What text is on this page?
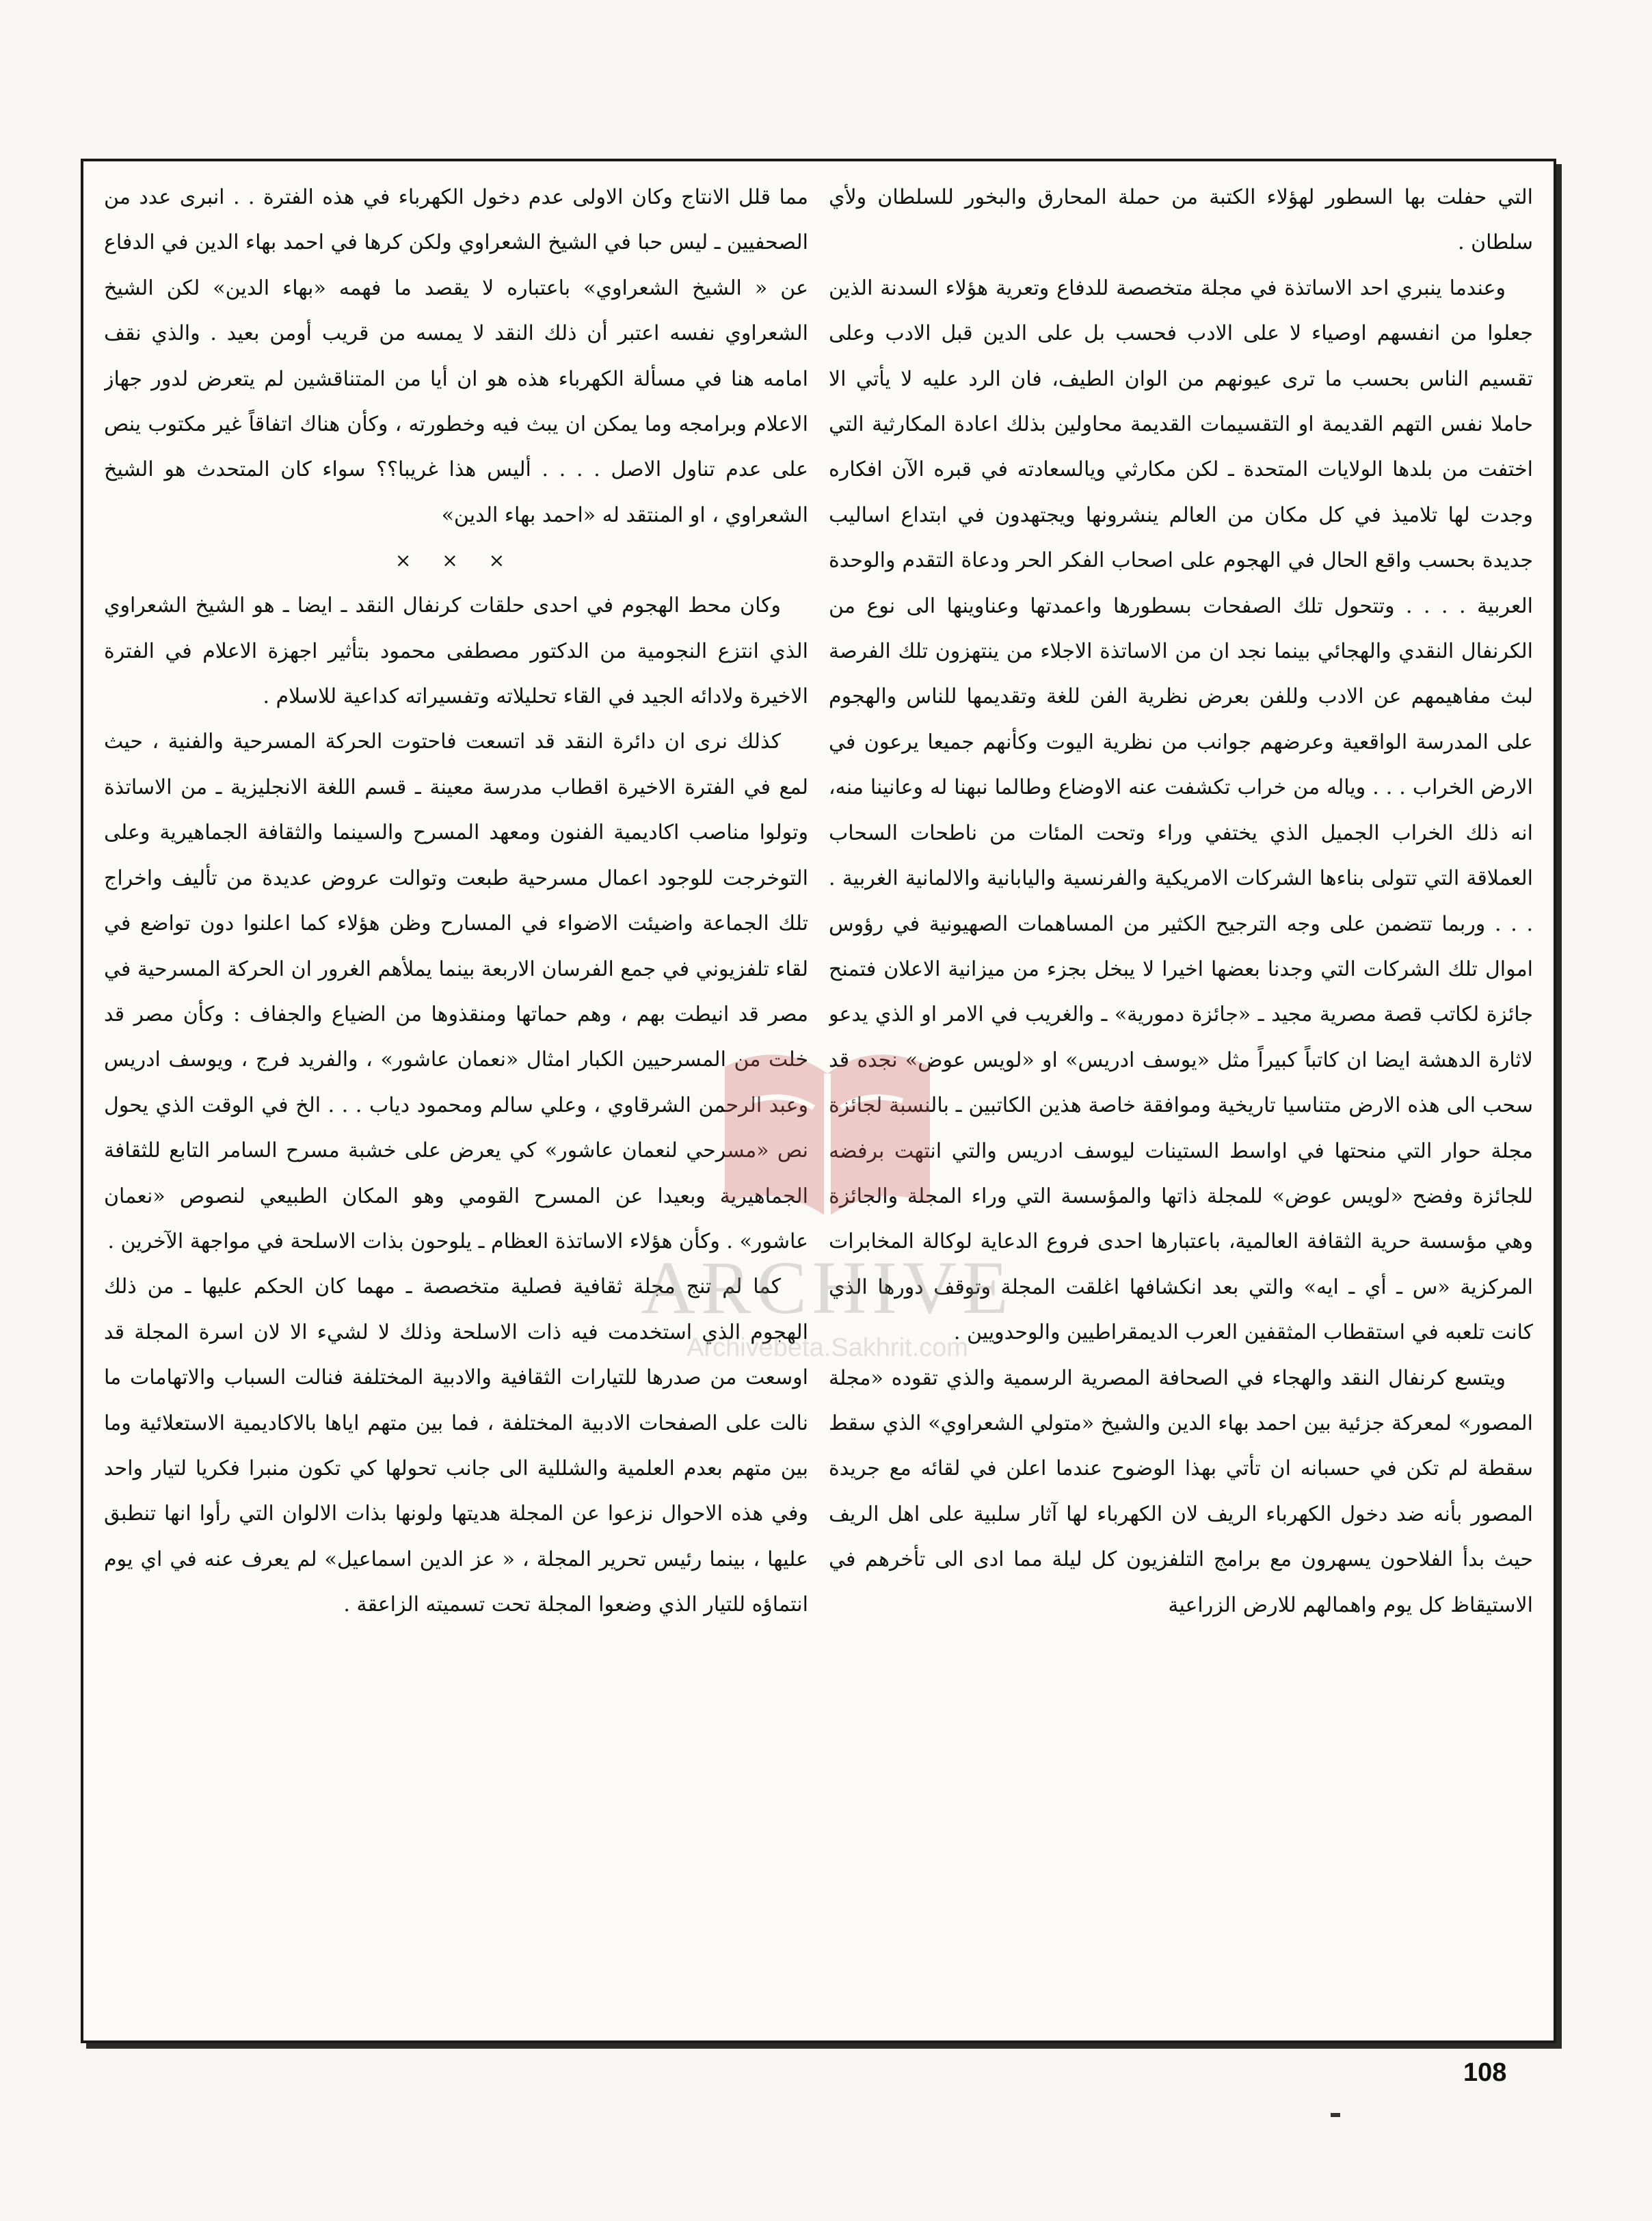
التي حفلت بها السطور لهؤلاء الكتبة من حملة المحارق والبخور للسلطان ولأي سلطان .

وعندما ينبري احد الاساتذة في مجلة متخصصة للدفاع وتعرية هؤلاء السدنة الذين جعلوا من انفسهم اوصياء لا على الادب فحسب بل على الدين قبل الادب وعلى تقسيم الناس بحسب ما ترى عيونهم من الوان الطيف، فان الرد عليه لا يأتي الا حاملا نفس التهم القديمة او التقسيمات القديمة محاولين بذلك اعادة المكارثية التي اختفت من بلدها الولايات المتحدة ـ لكن مكارثي ويالسعادته في قبره الآن افكاره وجدت لها تلاميذ في كل مكان من العالم ينشرونها ويجتهدون في ابتداع اساليب جديدة بحسب واقع الحال في الهجوم على اصحاب الفكر الحر ودعاة التقدم والوحدة العربية . . . . وتتحول تلك الصفحات بسطورها واعمدتها وعناوينها الى نوع من الكرنفال النقدي والهجائي بينما نجد ان من الاساتذة الاجلاء من ينتهزون تلك الفرصة لبث مفاهيمهم عن الادب وللفن بعرض نظرية الفن للغة وتقديمها للناس والهجوم على المدرسة الواقعية وعرضهم جوانب من نظرية اليوت وكأنهم جميعا يرعون في الارض الخراب . . . وياله من خراب تكشفت عنه الاوضاع وطالما نبهنا له وعانينا منه، انه ذلك الخراب الجميل الذي يختفي وراء وتحت المئات من ناطحات السحاب العملاقة التي تتولى بناءها الشركات الامريكية والفرنسية واليابانية والالمانية الغربية . . . . وربما تتضمن على وجه الترجيح الكثير من المساهمات الصهيونية في رؤوس اموال تلك الشركات التي وجدنا بعضها اخيرا لا يبخل بجزء من ميزانية الاعلان فتمنح جائزة لكاتب قصة مصرية مجيد ـ «جائزة دمورية» ـ والغريب في الامر او الذي يدعو لاثارة الدهشة ايضا ان كاتباً كبيراً مثل «يوسف ادريس» او «لويس عوض» نجده قد سحب الى هذه الارض متناسيا تاريخية وموافقة خاصة هذين الكاتبين ـ بالنسبة لجائزة مجلة حوار التي منحتها في اواسط الستينات ليوسف ادريس والتي انتهت برفضه للجائزة وفضح «لويس عوض» للمجلة ذاتها والمؤسسة التي وراء المجلة والجائزة وهي مؤسسة حرية الثقافة العالمية، باعتبارها احدى فروع الدعاية لوكالة المخابرات المركزية «س ـ أي ـ ايه» والتي بعد انكشافها اغلقت المجلة وتوقف دورها الذي كانت تلعبه في استقطاب المثقفين العرب الديمقراطيين والوحدويين .

ويتسع كرنفال النقد والهجاء في الصحافة المصرية الرسمية والذي تقوده «مجلة المصور» لمعركة جزئية بين احمد بهاء الدين والشيخ «متولي الشعراوي» الذي سقط سقطة لم تكن في حسبانه ان تأتي بهذا الوضوح عندما اعلن في لقائه مع جريدة المصور بأنه ضد دخول الكهرباء الريف لان الكهرباء لها آثار سلبية على اهل الريف حيث بدأ الفلاحون يسهرون مع برامج التلفزيون كل ليلة مما ادى الى تأخرهم في الاستيقاظ كل يوم واهمالهم للارض الزراعية

مما قلل الانتاج وكان الاولى عدم دخول الكهرباء في هذه الفترة . . انبرى عدد من الصحفيين ـ ليس حبا في الشيخ الشعراوي ولكن كرها في احمد بهاء الدين في الدفاع عن « الشيخ الشعراوي» باعتباره لا يقصد ما فهمه «بهاء الدين» لكن الشيخ الشعراوي نفسه اعتبر أن ذلك النقد لا يمسه من قريب أومن بعيد . والذي نقف امامه هنا في مسألة الكهرباء هذه هو ان أيا من المتناقشين لم يتعرض لدور جهاز الاعلام وبرامجه وما يمكن ان يبث فيه وخطورته ، وكأن هناك اتفاقاً غير مكتوب ينص على عدم تناول الاصل . . . . أليس هذا غريبا؟؟ سواء كان المتحدث هو الشيخ الشعراوي ، او المنتقد له «احمد بهاء الدين»

× × ×

وكان محط الهجوم في احدى حلقات كرنفال النقد ـ ايضا ـ هو الشيخ الشعراوي الذي انتزع النجومية من الدكتور مصطفى محمود بتأثير اجهزة الاعلام في الفترة الاخيرة ولادائه الجيد في القاء تحليلاته وتفسيراته كداعية للاسلام .

كذلك نرى ان دائرة النقد قد اتسعت فاحتوت الحركة المسرحية والفنية ، حيث لمع في الفترة الاخيرة اقطاب مدرسة معينة ـ قسم اللغة الانجليزية ـ من الاساتذة وتولوا مناصب اكاديمية الفنون ومعهد المسرح والسينما والثقافة الجماهيرية وعلى التوخرجت للوجود اعمال مسرحية طبعت وتوالت عروض عديدة من تأليف واخراج تلك الجماعة واضيئت الاضواء في المسارح وظن هؤلاء كما اعلنوا دون تواضع في لقاء تلفزيوني في جمع الفرسان الاربعة بينما يملأهم الغرور ان الحركة المسرحية في مصر قد انيطت بهم ، وهم حماتها ومنقذوها من الضياع والجفاف : وكأن مصر قد خلت من المسرحيين الكبار امثال «نعمان عاشور» ، والفريد فرج ، ويوسف ادريس وعبد الرحمن الشرقاوي ، وعلي سالم ومحمود دياب . . . الخ في الوقت الذي يحول نص «مسرحي لنعمان عاشور» كي يعرض على خشبة مسرح السامر التابع للثقافة الجماهيرية وبعيدا عن المسرح القومي وهو المكان الطبيعي لنصوص «نعمان عاشور» . وكأن هؤلاء الاساتذة العظام ـ يلوحون بذات الاسلحة في مواجهة الآخرين .

كما لم تنج مجلة ثقافية فصلية متخصصة ـ مهما كان الحكم عليها ـ من ذلك الهجوم الذي استخدمت فيه ذات الاسلحة وذلك لا لشيء الا لان اسرة المجلة قد اوسعت من صدرها للتيارات الثقافية والادبية المختلفة فنالت السباب والاتهامات ما نالت على الصفحات الادبية المختلفة ، فما بين متهم اياها بالاكاديمية الاستعلائية وما بين متهم بعدم العلمية والشللية الى جانب تحولها كي تكون منبرا فكريا لتيار واحد وفي هذه الاحوال نزعوا عن المجلة هديتها ولونها بذات الالوان التي رأوا انها تنطبق عليها ، بينما رئيس تحرير المجلة ، « عز الدين اسماعيل» لم يعرف عنه في اي يوم انتماؤه للتيار الذي وضعوا المجلة تحت تسميته الزاعقة .

ARCHIVE
Archivebeta.Sakhrit.com
108
